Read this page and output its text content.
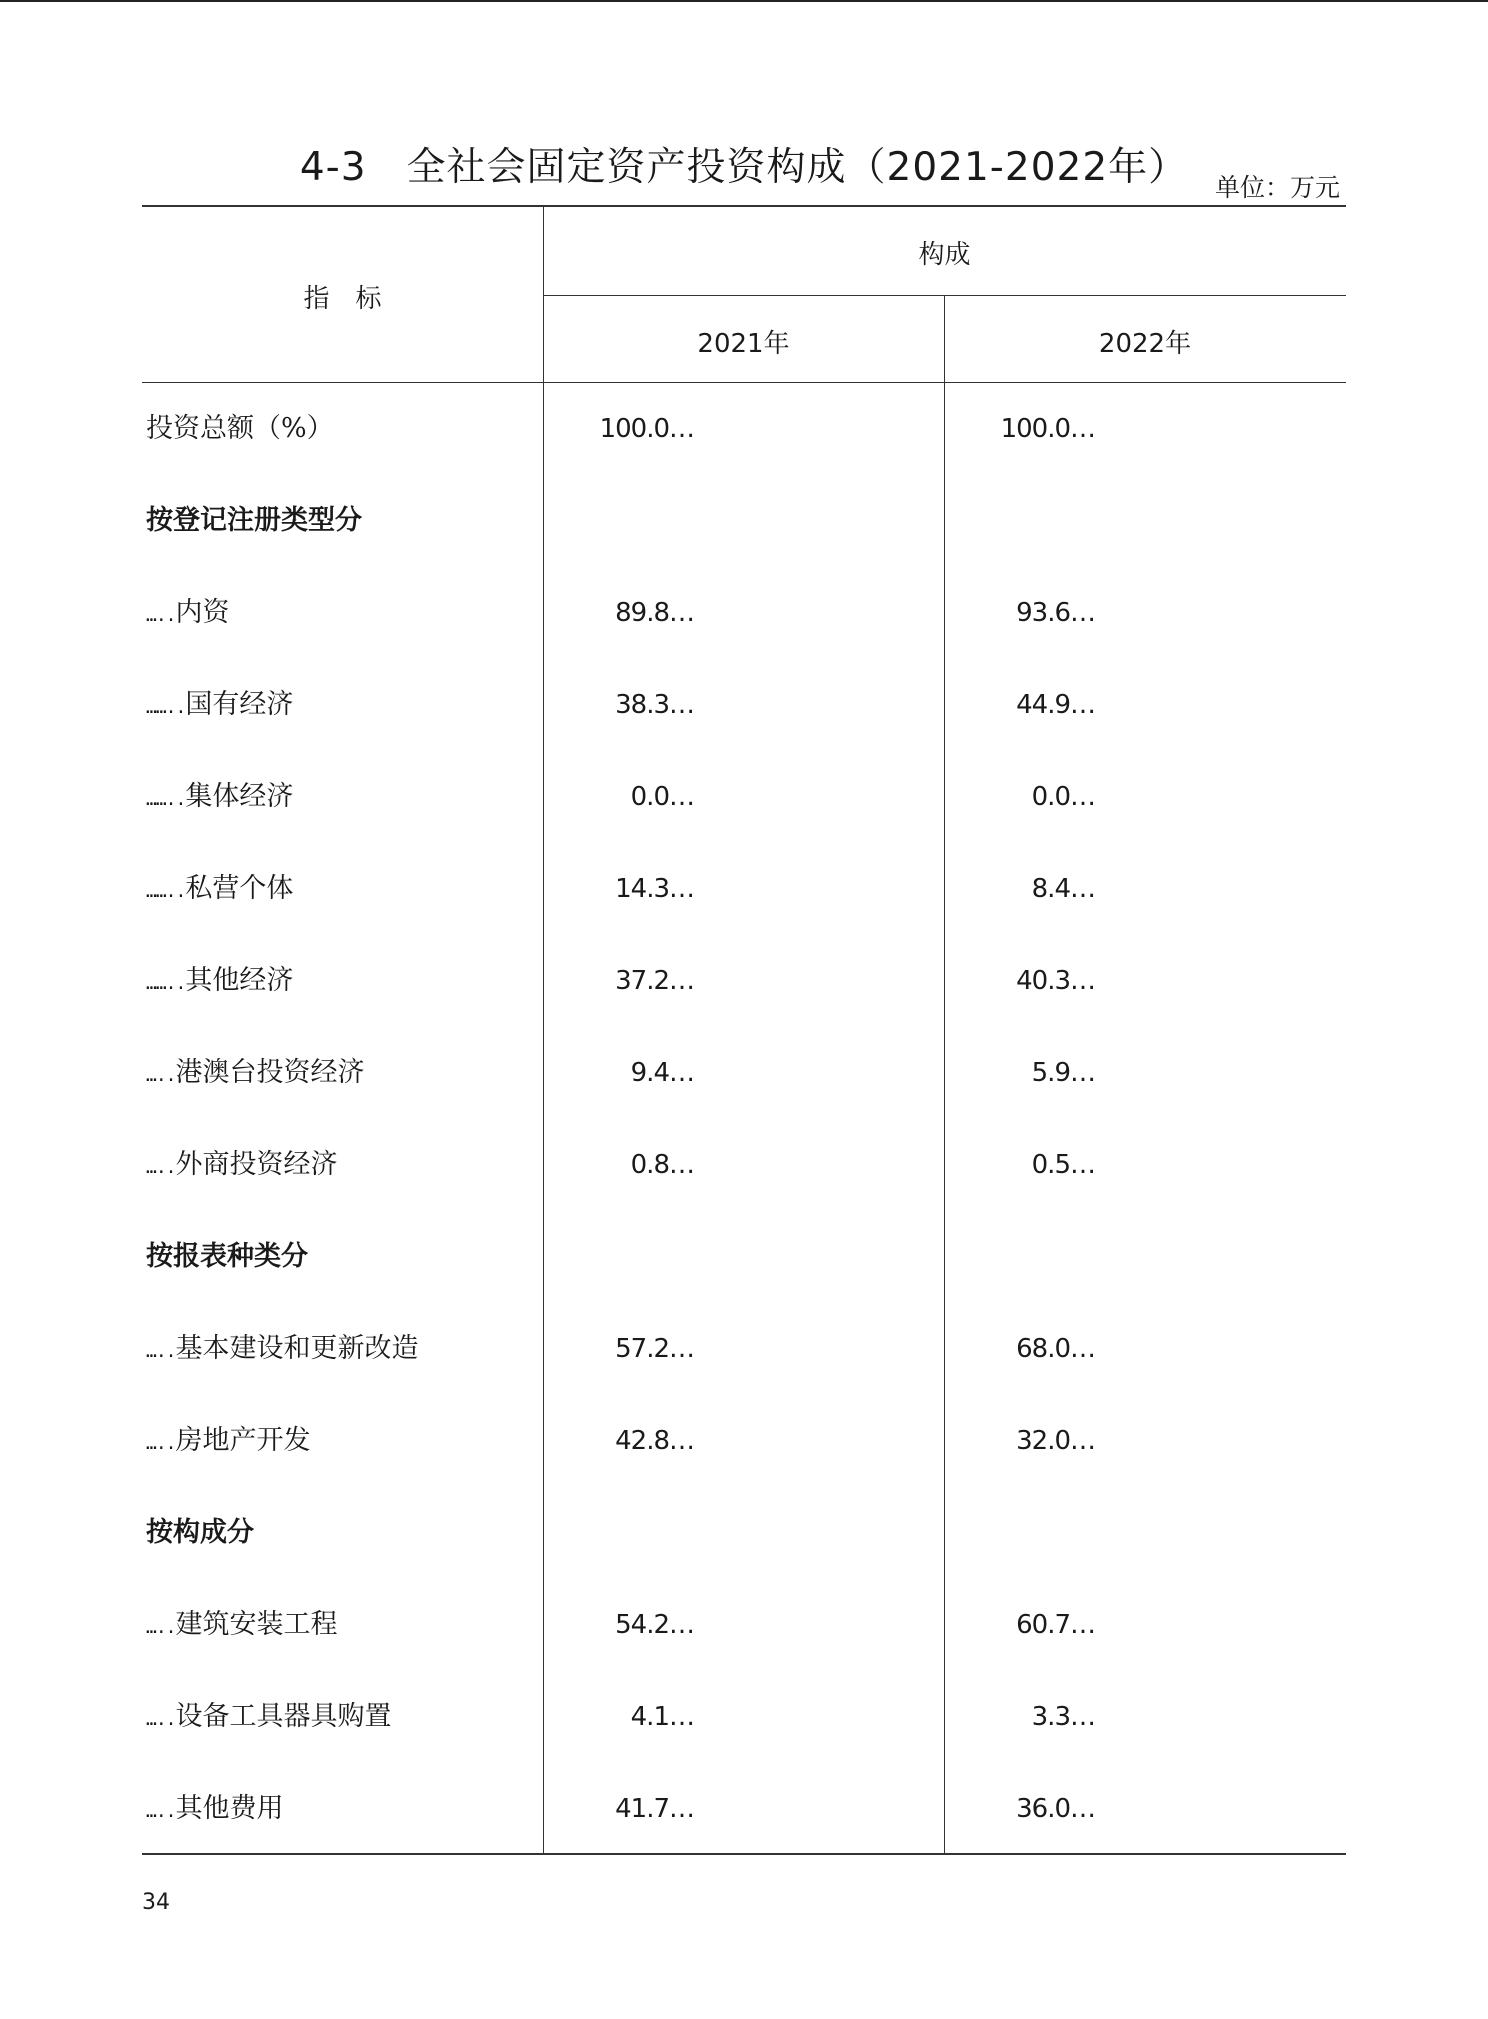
4-3　全社会固定资产投资构成（2021-2022年）	单位：万元
指　标
构成
2021年	2022年
投资总额（%）	100.0…	100.0…
按登记注册类型分
…..内资	89.8…	93.6…
……..国有经济	38.3…	44.9…
……..集体经济	0.0…	0.0…
……..私营个体	14.3…	8.4…
……..其他经济	37.2…	40.3…
…..港澳台投资经济	9.4…	5.9…
…..外商投资经济	0.8…	0.5…
按报表种类分
…..基本建设和更新改造	57.2…	68.0…
…..房地产开发	42.8…	32.0…
按构成分
…..建筑安装工程	54.2…	60.7…
…..设备工具器具购置	4.1…	3.3…
…..其他费用	41.7…	36.0…
34
